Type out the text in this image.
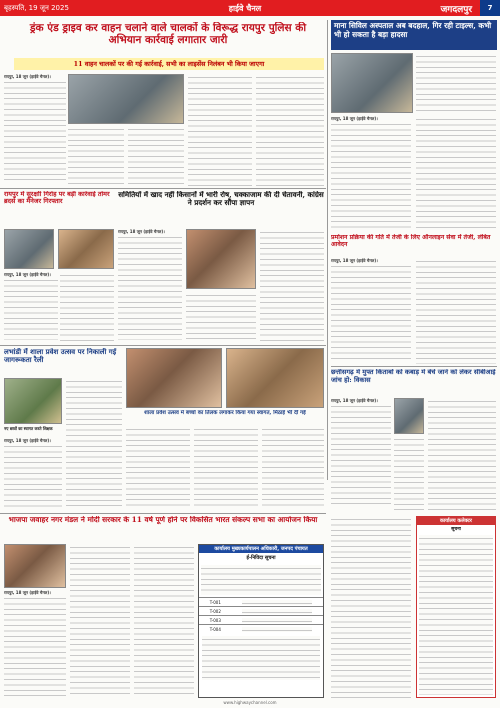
बृहस्पति, 19 जून 2025	हाईवे चैनल	जगदलपुर	7
ड्रंक एंड ड्राइव कर वाहन चलाने वाले चालकों के विरूद्ध रायपुर पुलिस की अभियान कार्रवाई लगातार जारी
11 वाहन चालकों पर की गई कार्रवाई, सभी का लाइसेंस निलंबन भी किया जाएगा
रायपुर, 18 जून (हाईवे चैनल)।
माना सिविल अस्पताल अब बदहाल, गिर रही टाइल्स, कभी भी हो सकता है बड़ा हादसा
रायपुर, 18 जून (हाईवे चैनल)।
रायपुर में सुरक्षाी गिरोह पर बड़ी कार्रवाई तोमर ब्रदर्स का मैनेजर गिरफ्तार
रायपुर, 18 जून (हाईवे चैनल)।
समितियों में खाद नहीं किसानों में भारी रोष, चक्काजाम की दी चेतावनी, कांग्रेस ने प्रदर्शन कर सौंपा ज्ञापन
रायपुर, 18 जून (हाईवे चैनल)।
प्रमोशन प्रक्रिया की गति में तेजी के लिए ऑनलाइन सेवा में तेजी, लंबित आवेदन
रायपुर, 18 जून (हाईवे चैनल)।
लभांडी में शाला प्रवेश उत्सव पर निकाली गई जागरूकता रैली
नए छात्रों का स्वागत करते शिक्षक
रायपुर, 18 जून (हाईवे चैनल)।
शाला प्रवेश उत्सव में बच्चों का तिलक लगाकर किया गया स्वागत, मिठाई भी दी गई
छत्तीसगढ़ में मुफ्त किताबों को कबाड़ में बेचे जाने को लेकर सीबीआई जांच हो: विकास
रायपुर, 18 जून (हाईवे चैनल)।
भाजपा जवाहर नगर मंडल ने मोदी सरकार के 11 वर्ष पूर्ण होने पर विकसित भारत संकल्प सभा का आयोजन किया
रायपुर, 18 जून (हाईवे चैनल)।
कार्यालय मुख्यकार्यपालन अधिकारी, जनपद पंचायत
ई-निविदा सूचना
T-001
T-002
T-003
T-004
कार्यालय कलेक्टर
सूचना
www.highwaychannel.com
